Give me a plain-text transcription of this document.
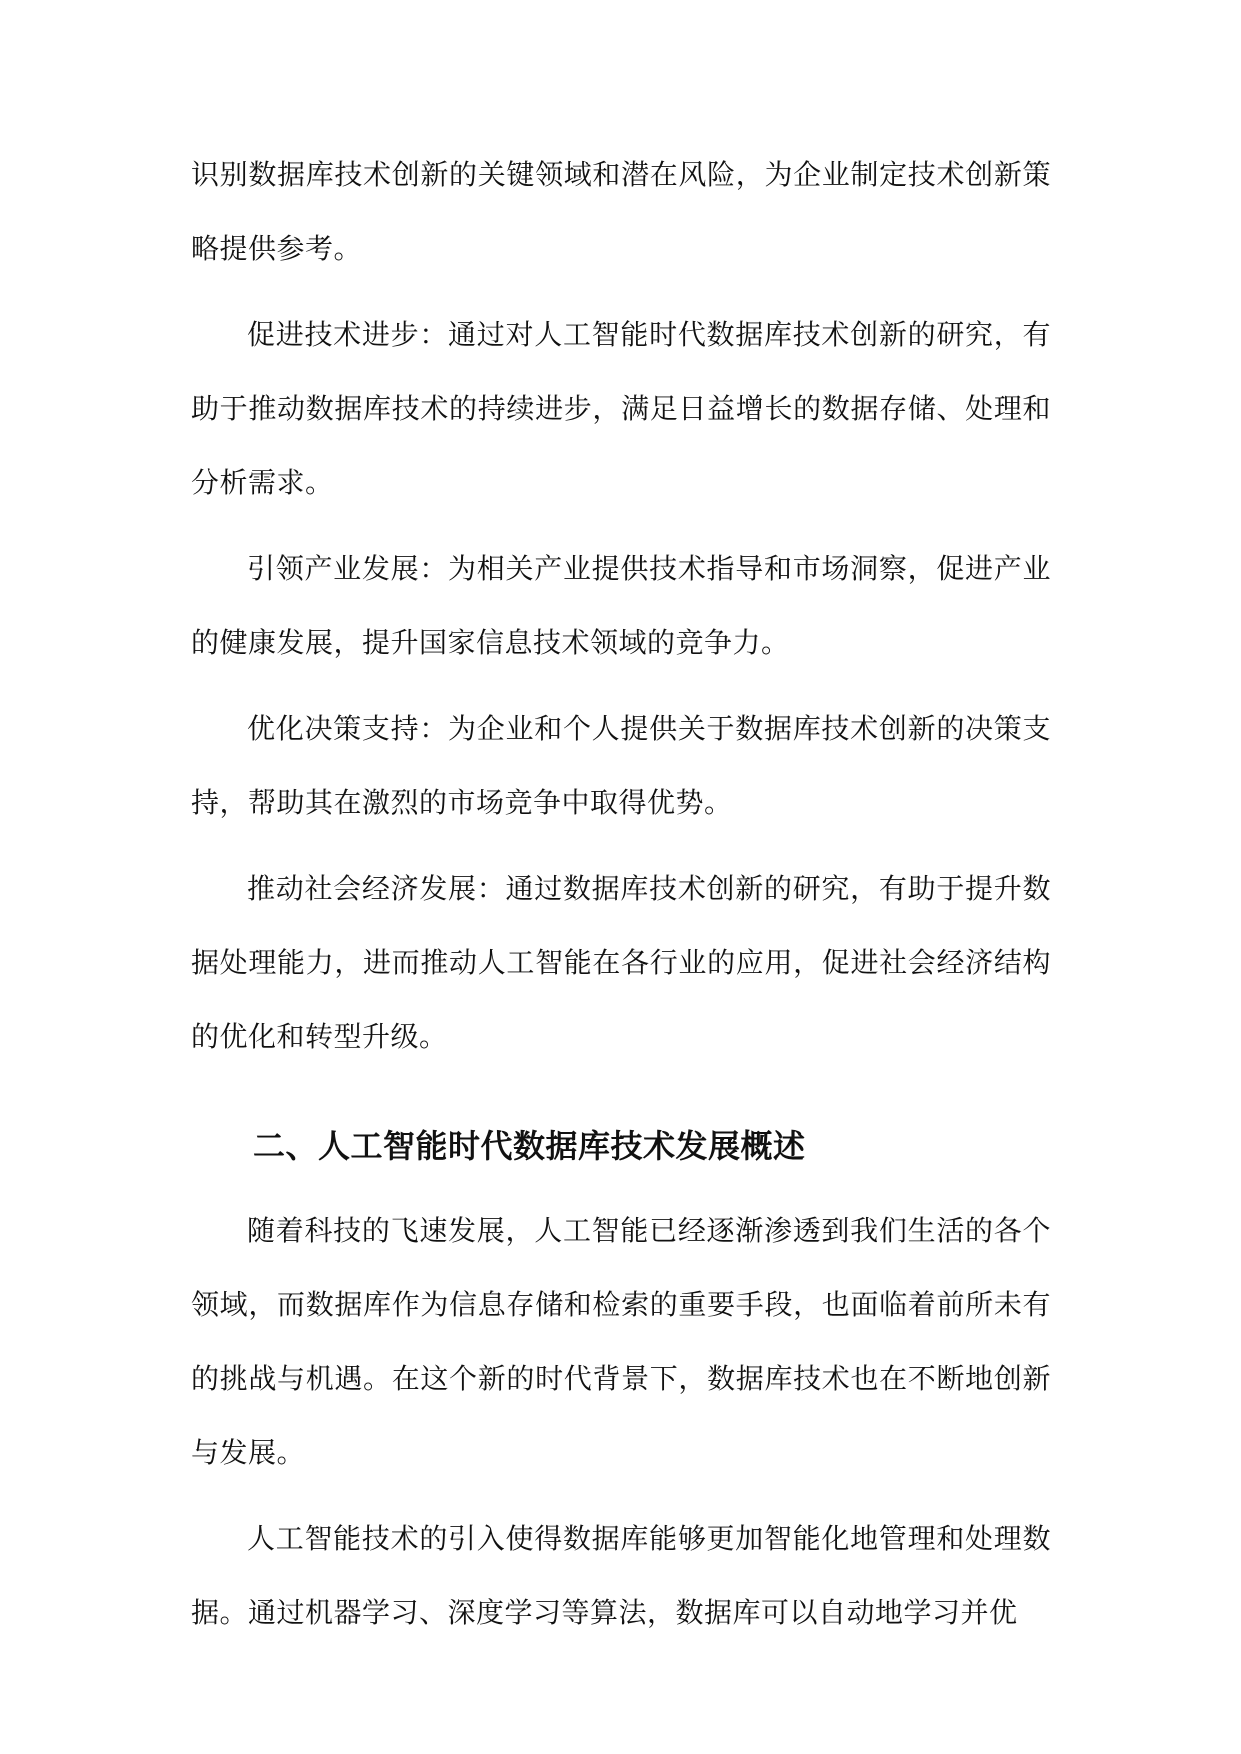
识别数据库技术创新的关键领域和潜在风险，为企业制定技术创新策略提供参考。

促进技术进步：通过对人工智能时代数据库技术创新的研究，有助于推动数据库技术的持续进步，满足日益增长的数据存储、处理和分析需求。

引领产业发展：为相关产业提供技术指导和市场洞察，促进产业的健康发展，提升国家信息技术领域的竞争力。

优化决策支持：为企业和个人提供关于数据库技术创新的决策支持，帮助其在激烈的市场竞争中取得优势。

推动社会经济发展：通过数据库技术创新的研究，有助于提升数据处理能力，进而推动人工智能在各行业的应用，促进社会经济结构的优化和转型升级。

二、人工智能时代数据库技术发展概述

随着科技的飞速发展，人工智能已经逐渐渗透到我们生活的各个领域，而数据库作为信息存储和检索的重要手段，也面临着前所未有的挑战与机遇。在这个新的时代背景下，数据库技术也在不断地创新与发展。

人工智能技术的引入使得数据库能够更加智能化地管理和处理数据。通过机器学习、深度学习等算法，数据库可以自动地学习并优
